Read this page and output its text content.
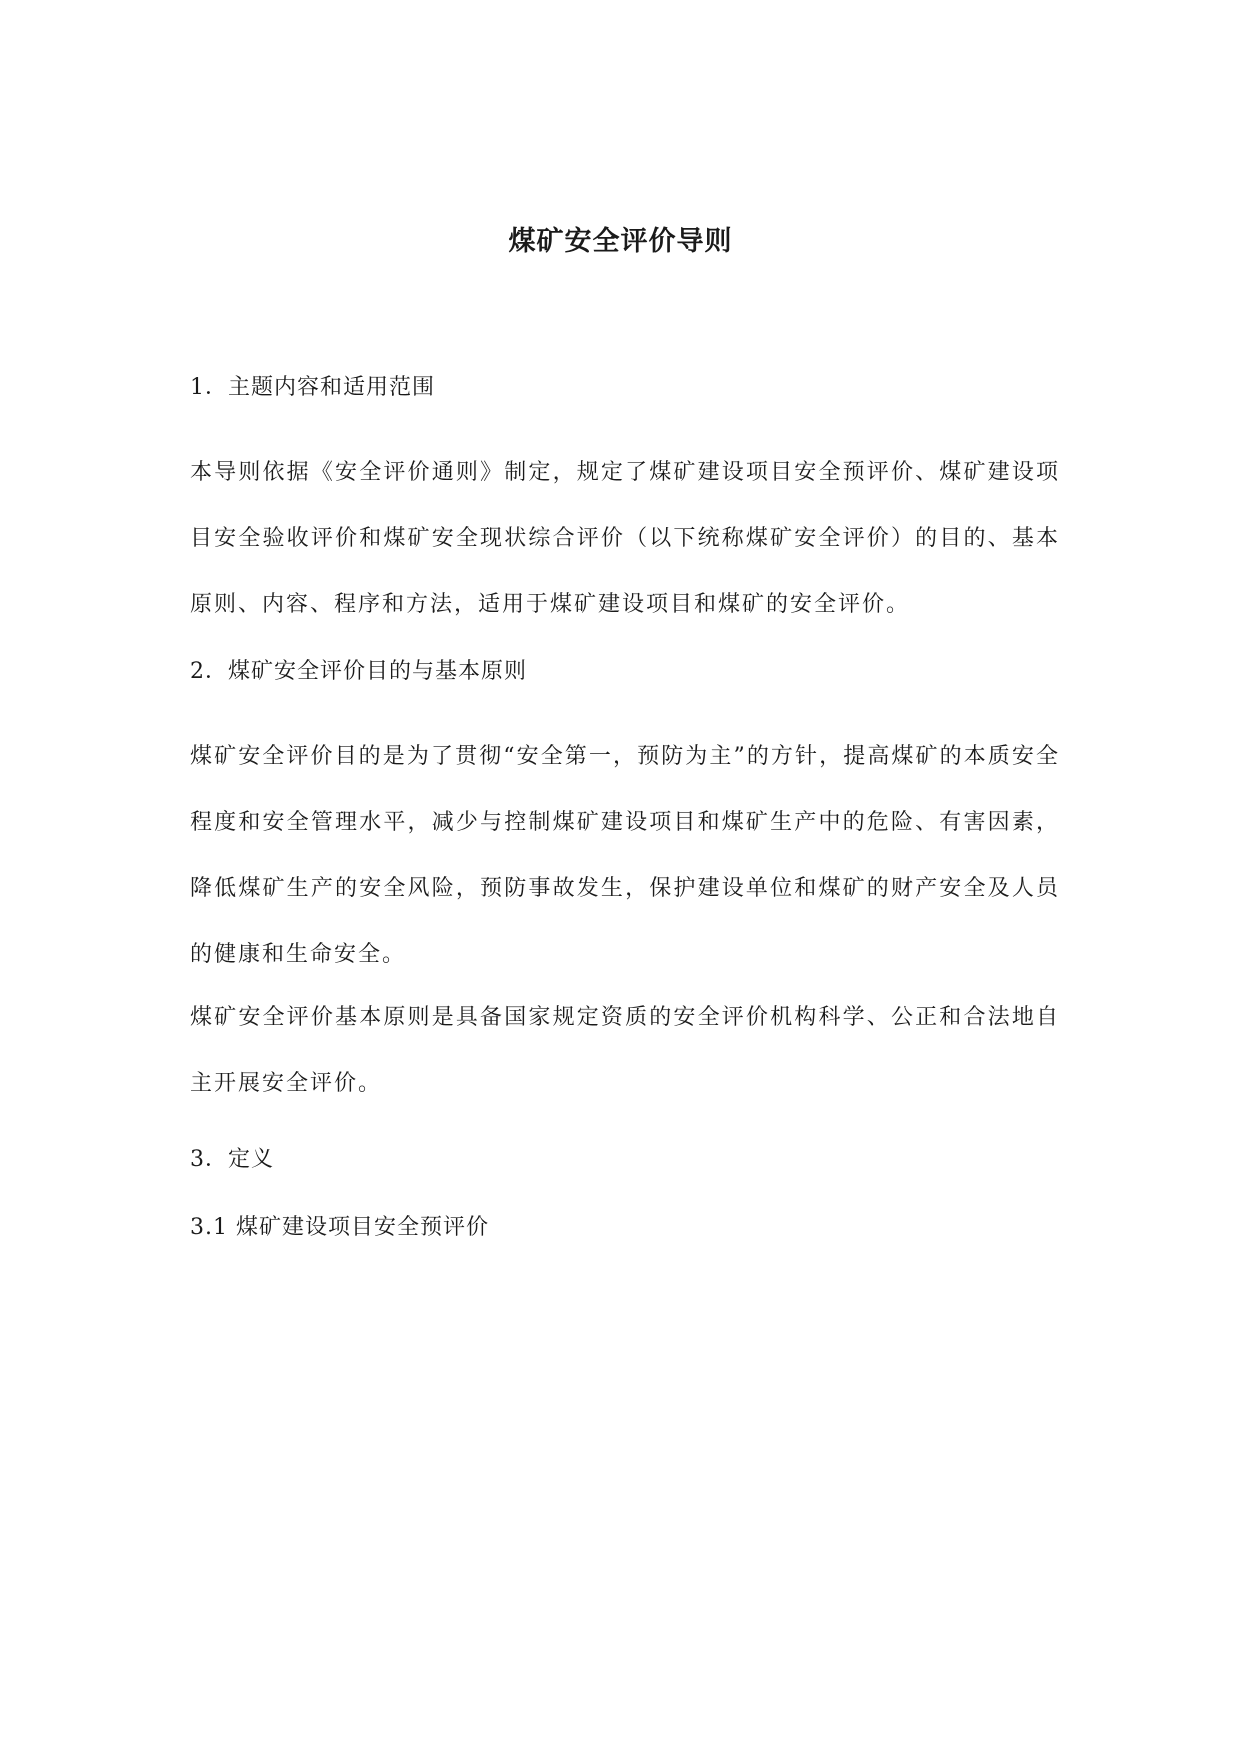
煤矿安全评价导则
1．主题内容和适用范围
本导则依据《安全评价通则》制定，规定了煤矿建设项目安全预评价、煤矿建设项目安全验收评价和煤矿安全现状综合评价（以下统称煤矿安全评价）的目的、基本原则、内容、程序和方法，适用于煤矿建设项目和煤矿的安全评价。
2．煤矿安全评价目的与基本原则
煤矿安全评价目的是为了贯彻“安全第一，预防为主”的方针，提高煤矿的本质安全程度和安全管理水平，减少与控制煤矿建设项目和煤矿生产中的危险、有害因素，降低煤矿生产的安全风险，预防事故发生，保护建设单位和煤矿的财产安全及人员的健康和生命安全。
煤矿安全评价基本原则是具备国家规定资质的安全评价机构科学、公正和合法地自主开展安全评价。
3．定义
3.1 煤矿建设项目安全预评价
